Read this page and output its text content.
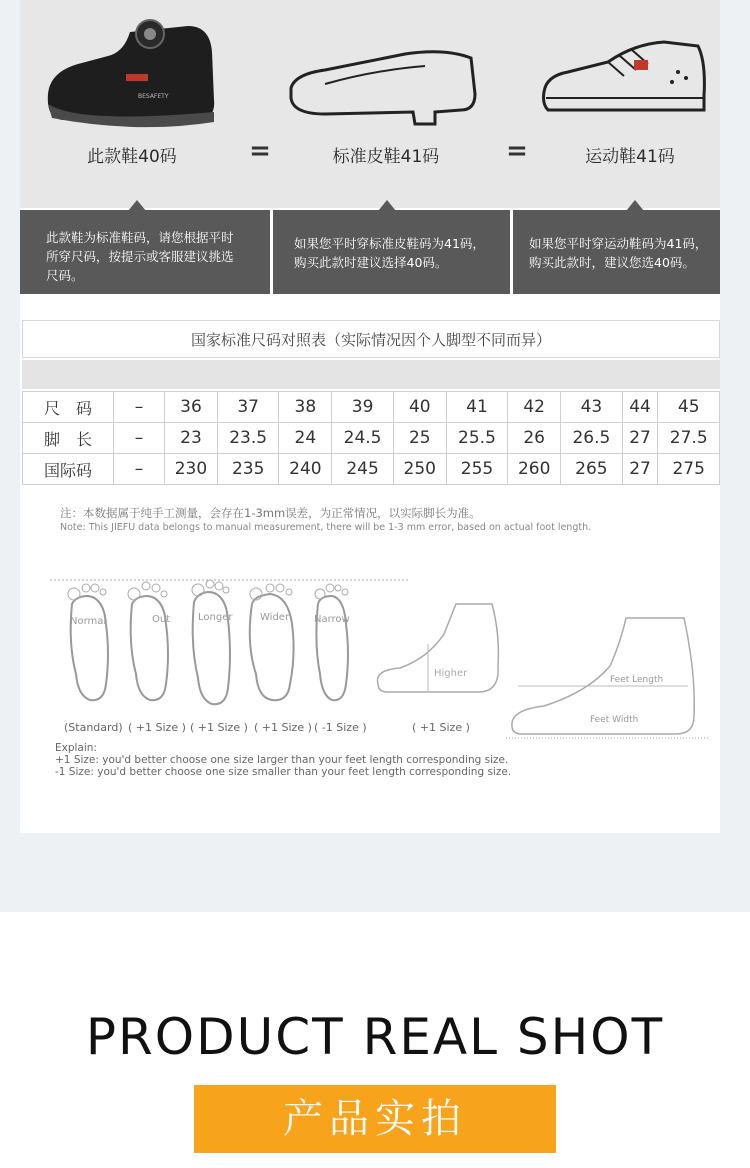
BESAFETY
此款鞋40码	=	标准皮鞋41码	=	运动鞋41码
此款鞋为标准鞋码，请您根据平时
所穿尺码，按提示或客服建议挑选
尺码。
如果您平时穿标准皮鞋码为41码，
购买此款时建议选择40码。
如果您平时穿运动鞋码为41码，
购买此款时，建议您选40码。
国家标准尺码对照表（实际情况因个人脚型不同而异）
尺　码	–	36	37	38	39	40	41	42	43	44	45
脚　长	–	23	23.5	24	24.5	25	25.5	26	26.5	27	27.5
国际码	–	230	235	240	245	250	255	260	265	27	275
注：本数据属于纯手工测量，会存在1-3mm误差，为正常情况，以实际脚长为准。
Note: This JIEFU data belongs to manual measurement, there will be 1-3 mm error, based on actual foot length.
Normal	Out	Longer	Wider Narrow
Higher
Feet Length
Feet Width
(Standard) ( +1 Size ) ( +1 Size ) ( +1 Size ) ( -1 Size )	( +1 Size )
Explain:
+1 Size: you'd better choose one size larger than your feet length corresponding size.
-1 Size: you'd better choose one size smaller than your feet length corresponding size.
PRODUCT REAL SHOT
产品实拍
